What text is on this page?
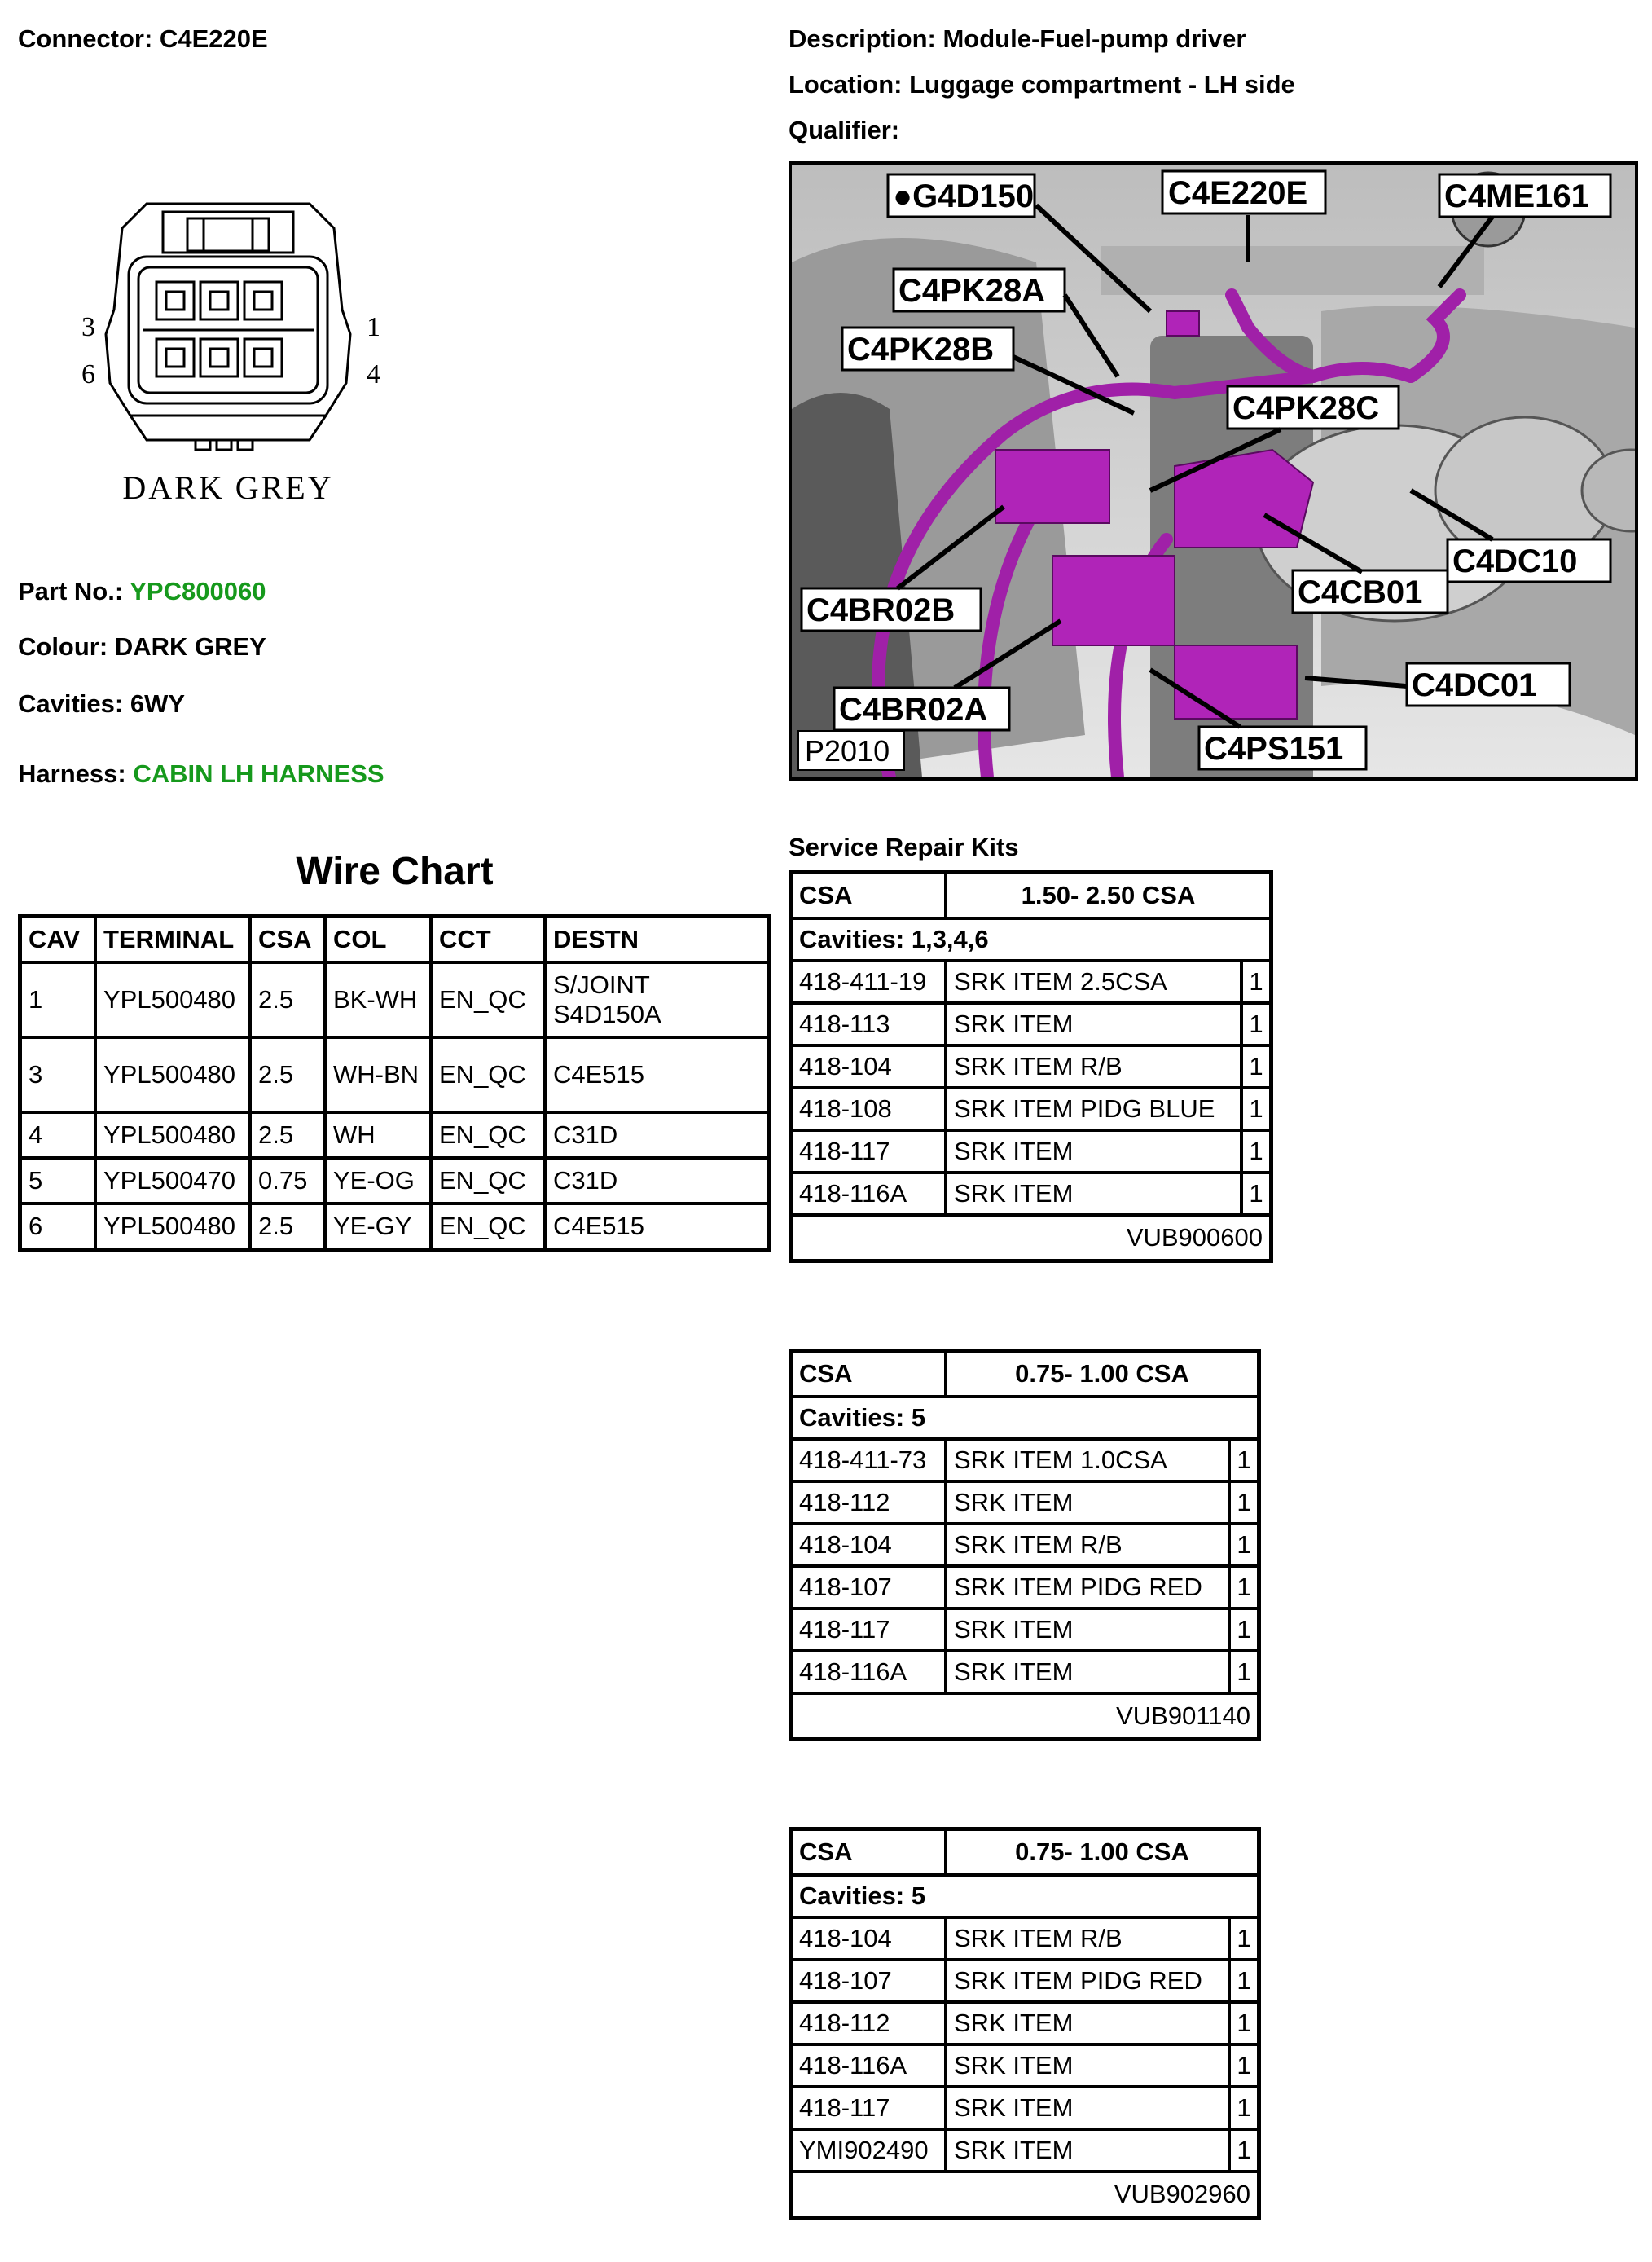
Connector: C4E220E	Description: Module-Fuel-pump driver
Location: Luggage compartment - LH side
Qualifier:
3	1
6	4
DARK GREY
Part No.: YPC800060
Colour: DARK GREY
Cavities: 6WY
Harness: CABIN LH HARNESS
●G4D150	C4E220E	C4ME161
C4PK28A
C4PK28B
C4PK28C
C4DC10
C4CB01
C4BR02B
C4DC01
C4BR02A
C4PS151
P2010
Wire Chart
CAV	TERMINAL	CSA	COL	CCT	DESTN
1	YPL500480	2.5	BK-WH	EN_QC	S/JOINT S4D150A
3	YPL500480	2.5	WH-BN	EN_QC	C4E515
4	YPL500480	2.5	WH	EN_QC	C31D
5	YPL500470	0.75	YE-OG	EN_QC	C31D
6	YPL500480	2.5	YE-GY	EN_QC	C4E515
Service Repair Kits
CSA	1.50- 2.50 CSA	
Cavities: 1,3,4,6		
418-411-19	SRK ITEM 2.5CSA	1
418-113	SRK ITEM	1
418-104	SRK ITEM R/B	1
418-108	SRK ITEM PIDG BLUE	1
418-117	SRK ITEM	1
418-116A	SRK ITEM	1
VUB900600		
CSA	0.75- 1.00 CSA	
Cavities: 5		
418-411-73	SRK ITEM 1.0CSA	1
418-112	SRK ITEM	1
418-104	SRK ITEM R/B	1
418-107	SRK ITEM PIDG RED	1
418-117	SRK ITEM	1
418-116A	SRK ITEM	1
VUB901140		
CSA	0.75- 1.00 CSA	
Cavities: 5		
418-104	SRK ITEM R/B	1
418-107	SRK ITEM PIDG RED	1
418-112	SRK ITEM	1
418-116A	SRK ITEM	1
418-117	SRK ITEM	1
YMI902490	SRK ITEM	1
VUB902960		
